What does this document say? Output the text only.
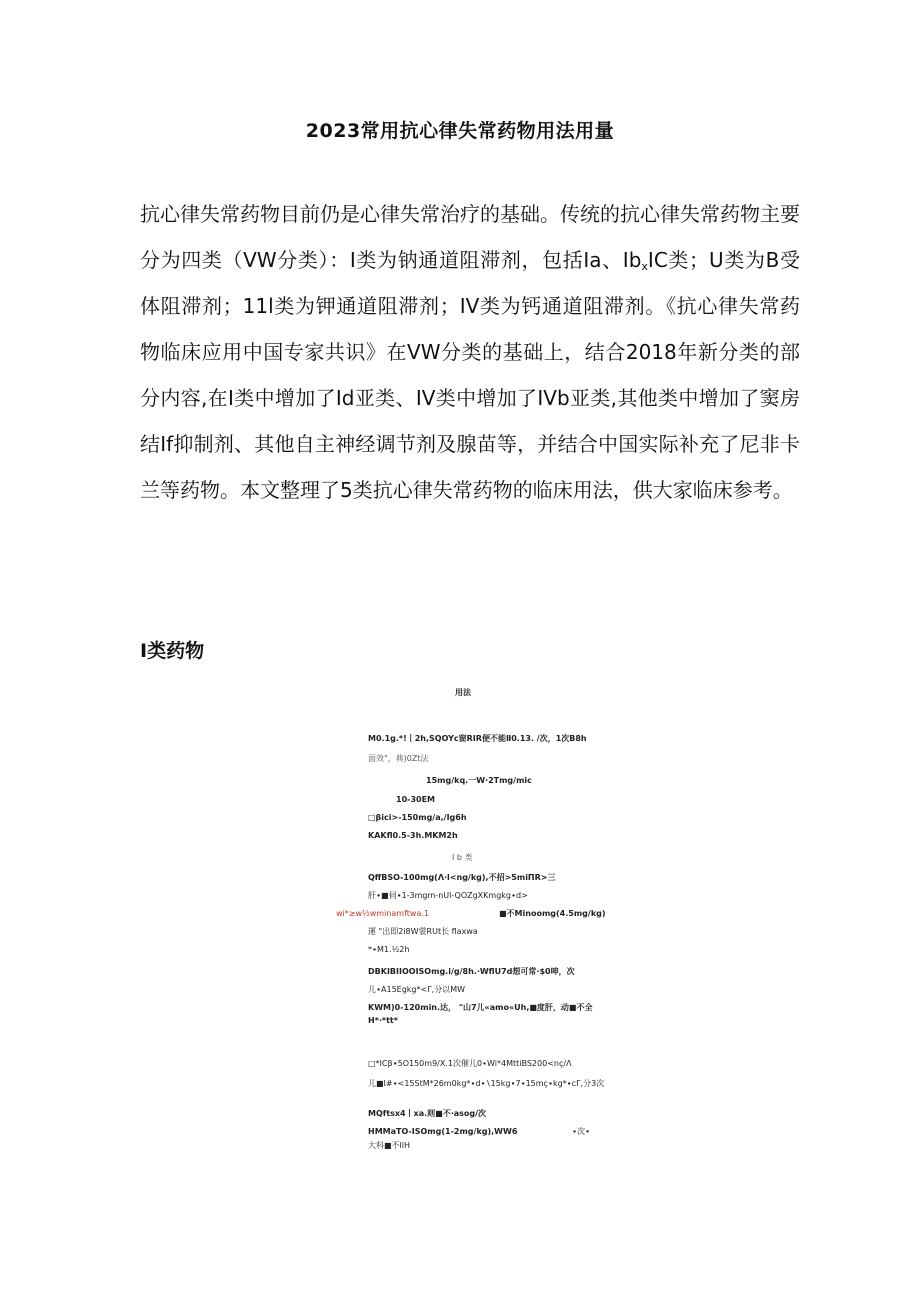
2023常用抗心律失常药物用法用量

抗心律失常药物目前仍是心律失常治疗的基础。传统的抗心律失常药物主要分为四类（VW分类）：I类为钠通道阻滞剂，包括Ia、$Ib_xIC$类；U类为B受体阻滞剂；11l类为钾通道阻滞剂；IV类为钙通道阻滞剂。《抗心律失常药物临床应用中国专家共识》在VW分类的基础上，结合2018年新分类的部分内容,在I类中增加了Id亚类、IV类中增加了IVb亚类,其他类中增加了窦房结If抑制剂、其他自主神经调节剂及腺苗等，并结合中国实际补充了尼非卡兰等药物。本文整理了5类抗心律失常药物的临床用法，供大家临床参考。

I类药物
用法
M0.1g.*!丨2h,SQOYc窗RIR便不能Ⅱ0.13. /次，1次B8h
面效"，典)0Zt法
15mg/kq.一W∙2Tmg/mic
10-30EM
□βici>-150mg/a,/Ig6h
KAKfl0.5-3h.MKM2h
I b 类
QffBSO-100mg(Λ∙l<ng/kg),不招>5miΠR>三
肝∙■伺∙1-3mgm-nUl-QOZgXKmgkg∙d>
wi*≥w½wminamftwa.1	■不Minoomg(4.5mg/kg)
運 "岀即2i8W裳RUt长 flaxwa
*∙M1.½2h
DBKIBIIOOISOmg.i∕g/8h.∙WflU7d想可常∙$0呻，次
儿∙A15Egkg*<Γ,分以MW
KWM)0-120min.达， "山7儿«amo«Uh,■度肝，动■不全
H*∙*tt*
□*ICβ∙5O150m9/X.1次催儿0∙Wi*4MttiBS200<nç/Λ
儿■I#∙<15StM*26m0kg*∙d∙∖15kg∙7∙15mç∙kg*∙cΓ,分3次
MQftsx4丨xa.则■不∙asog/次
HMMaTO-ISOmg(1-2mg/kg),WW6	∙次∙
大科■不llH
